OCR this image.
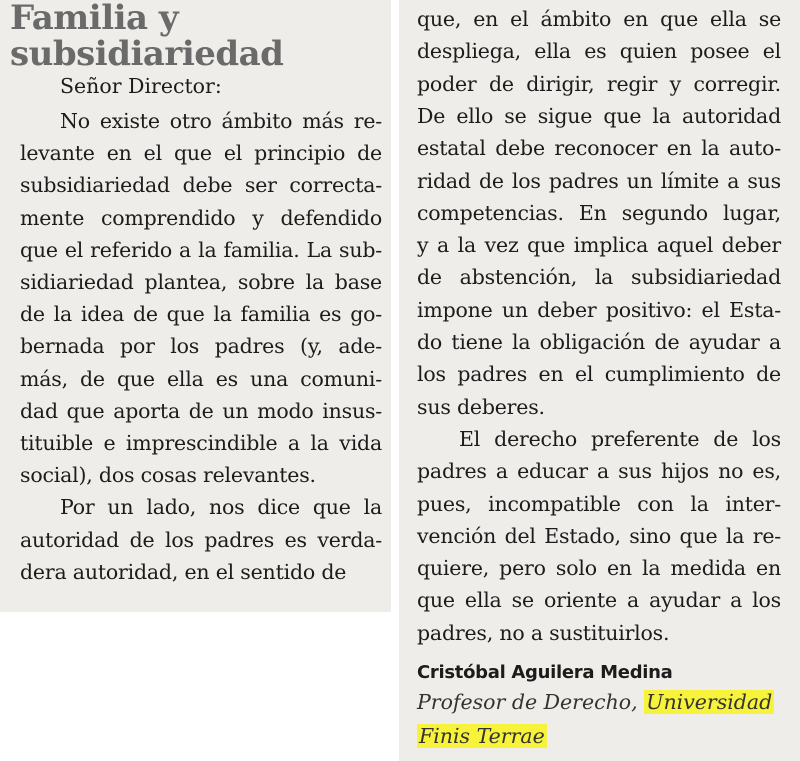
Familia y
subsidiariedad
Señor Director:
No existe otro ámbito más re-
levante en el que el principio de
subsidiariedad debe ser correcta-
mente comprendido y defendido
que el referido a la familia. La sub-
sidiariedad plantea, sobre la base
de la idea de que la familia es go-
bernada por los padres (y, ade-
más, de que ella es una comuni-
dad que aporta de un modo insus-
tituible e imprescindible a la vida
social), dos cosas relevantes.
Por un lado, nos dice que la
autoridad de los padres es verda-
dera autoridad, en el sentido de
que, en el ámbito en que ella se
despliega, ella es quien posee el
poder de dirigir, regir y corregir.
De ello se sigue que la autoridad
estatal debe reconocer en la auto-
ridad de los padres un límite a sus
competencias. En segundo lugar,
y a la vez que implica aquel deber
de abstención, la subsidiariedad
impone un deber positivo: el Esta-
do tiene la obligación de ayudar a
los padres en el cumplimiento de
sus deberes.
El derecho preferente de los
padres a educar a sus hijos no es,
pues, incompatible con la inter-
vención del Estado, sino que la re-
quiere, pero solo en la medida en
que ella se oriente a ayudar a los
padres, no a sustituirlos.
Cristóbal Aguilera Medina
Profesor de Derecho, Universidad
Finis Terrae
